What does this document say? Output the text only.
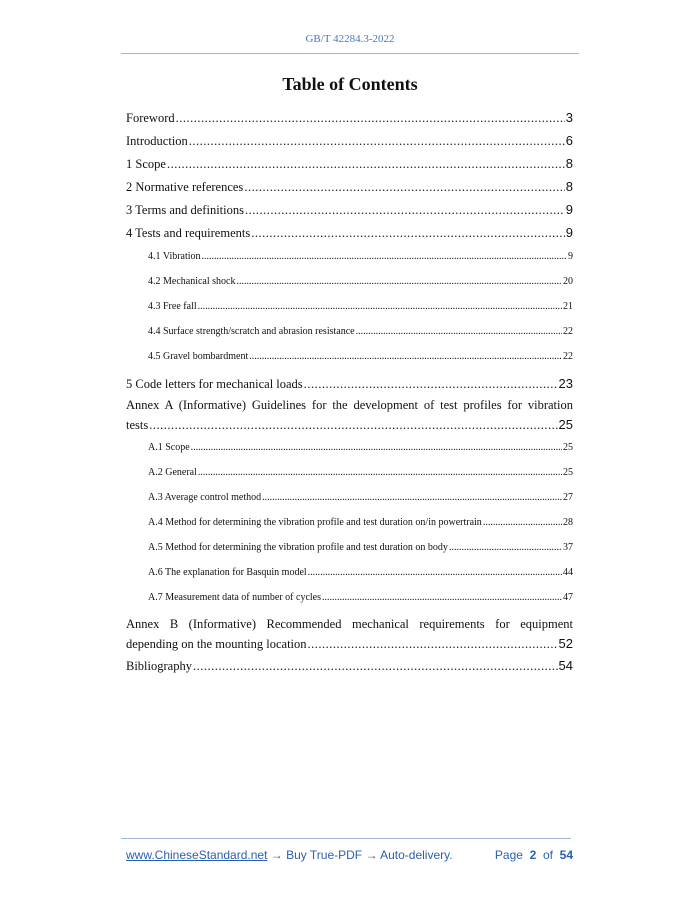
GB/T 42284.3-2022
Table of Contents
Foreword .....	3
Introduction .....	6
1 Scope .....	8
2 Normative references .....	8
3 Terms and definitions .....	9
4 Tests and requirements .....	9
4.1 Vibration .....	9
4.2 Mechanical shock .....	20
4.3 Free fall .....	21
4.4 Surface strength/scratch and abrasion resistance .....	22
4.5 Gravel bombardment .....	22
5 Code letters for mechanical loads .....	23
Annex A (Informative) Guidelines for the development of test profiles for vibration
tests .....	25
A.1 Scope .....	25
A.2 General .....	25
A.3 Average control method .....	27
A.4 Method for determining the vibration profile and test duration on/in powertrain .....	28
A.5 Method for determining the vibration profile and test duration on body .....	37
A.6 The explanation for Basquin model .....	44
A.7 Measurement data of number of cycles .....	47
Annex B (Informative) Recommended mechanical requirements for equipment
depending on the mounting location .....	52
Bibliography .....	54
www.ChineseStandard.net → Buy True-PDF → Auto-delivery.	Page 2 of 54
